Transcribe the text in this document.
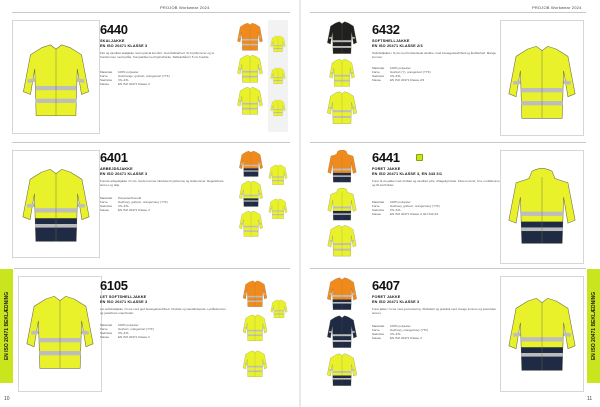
PROJOB Workwear 2024	PROJOB Workwear 2024
EN ISO 20471 BEKLÆDNING	EN ISO 20471 BEKLÆDNING
10	11
6440
SKALJAKKE
EN ISO 20471 KLASSE 3
Flot og vandtæt skaljakke med optimal komfort. God åndbarhed. To brystlommer og to frontlommer med lynlås. Kompatibel med hjelm/hætte. Refleksbånd i 5 cm bredde.
Materiale	100% polyester
Farve	Gul/orange, gul/sort, orange/sort (YTF)
Størrelse	XS–4XL
Klasse	EN ISO 20471 Klasse 3
6401
ARBEJDSJAKKE
EN ISO 20471 KLASSE 3
Forede arbejdsjakke i hi-vis. Gode lommer inklusive brystlomme og sidelommer. Regulerbare ærmer og talje.
Materiale	Polyester/bomuld
Farve	Gul/navy, gul/sort, orange/navy (YTF)
Størrelse	XS–4XL
Klasse	EN ISO 20471 Klasse 3
6105
LET SOFTSHELLJAKKE
EN ISO 20471 KLASSE 3
Let softshelljakke i hi-vis med god bevægelsesfrihed. Vindtæt og vandafvisende. Lynlåslommer og justerbare manchetter.
Materiale	100% polyester
Farve	Gul/sort, orange/sort (YTF)
Størrelse	XS–4XL
Klasse	EN ISO 20471 Klasse 3
6432
SOFTSHELLJAKKE
EN ISO 20471 KLASSE 2/3
Softshelljakke i hi-vis med forstærkede skuldre. God bevægelsesfrihed og åndbarhed. Mange lommer.
Materiale	100% polyester
Farve	Gul/sort (Y), orange/sort (YTF)
Størrelse	XS–4XL
Klasse	EN ISO 20471 Klasse 2/3
6441
FORET JAKKE
EN ISO 20471 KLASSE 3, EN 343 3/1
Foret hi-vis jakke med vindtæt og vandtæt ydre. Aftagelig hætte. Flere lommer, bl.a. mobillomme og ID-kortholder.
Materiale	100% polyester
Farve	Gul/navy, gul/sort, orange/navy (YTF)
Størrelse	XS–4XL
Klasse	EN ISO 20471 Klasse 3, EN 343 3/1
6407
FORET JAKKE
EN ISO 20471 KLASSE 3
Foret jakke i hi-vis med god isolering. Slidstærk og praktisk med mange lommer og justerbare ærmer.
Materiale	100% polyester
Farve	Gul/navy, orange/navy (YTF)
Størrelse	XS–4XL
Klasse	EN ISO 20471 Klasse 3
